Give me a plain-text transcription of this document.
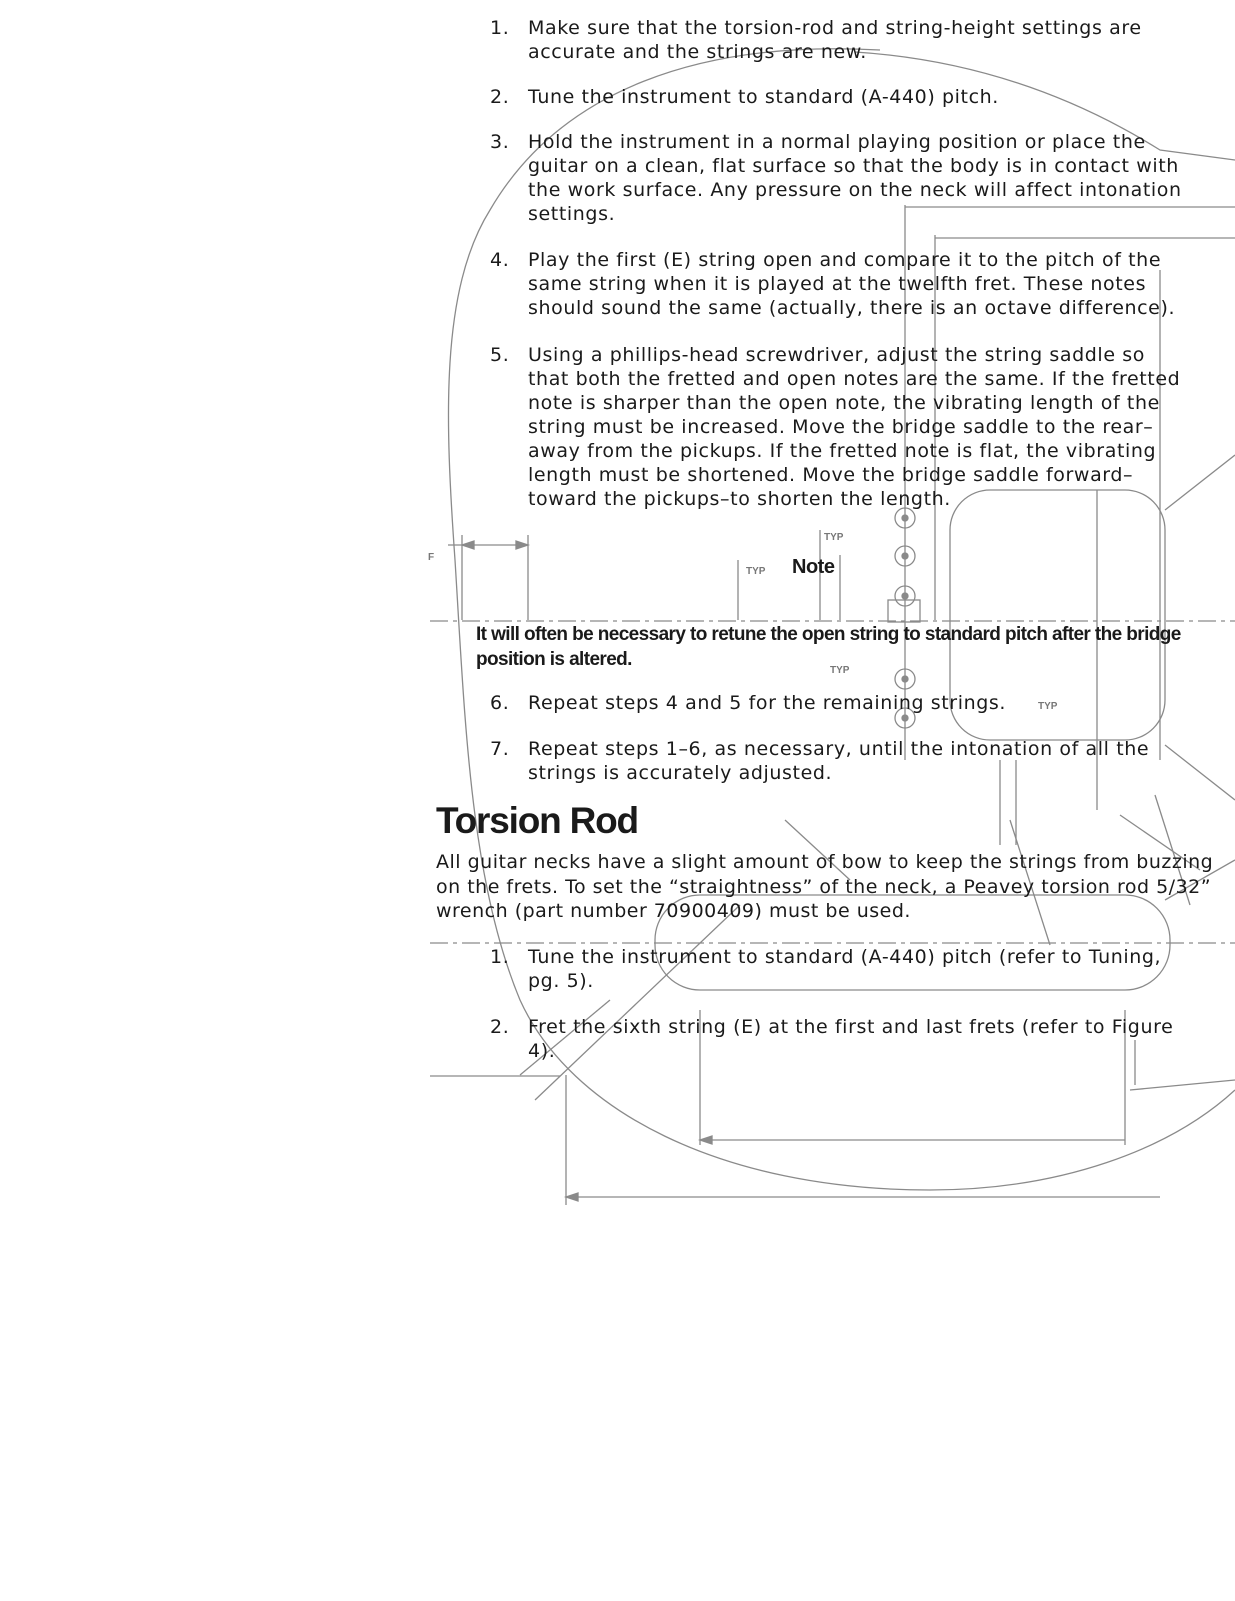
TYP
TYP
TYP
TYP
F
1. Make sure that the torsion-rod and string-height settings are accurate and the strings are new.
2. Tune the instrument to standard (A-440) pitch.
3. Hold the instrument in a normal playing position or place the guitar on a clean, flat surface so that the body is in contact with the work surface. Any pressure on the neck will affect intonation settings.
4. Play the first (E) string open and compare it to the pitch of the same string when it is played at the twelfth fret. These notes should sound the same (actually, there is an octave difference).
5. Using a phillips-head screwdriver, adjust the string saddle so that both the fretted and open notes are the same. If the fretted note is sharper than the open note, the vibrating length of the string must be increased. Move the bridge saddle to the rear–away from the pickups. If the fretted note is flat, the vibrating length must be shortened. Move the bridge saddle forward–toward the pickups–to shorten the length.
Note
It will often be necessary to retune the open string to standard pitch after the bridge position is altered.
6. Repeat steps 4 and 5 for the remaining strings.
7. Repeat steps 1–6, as necessary, until the intonation of all the strings is accurately adjusted.
Torsion Rod
All guitar necks have a slight amount of bow to keep the strings from buzzing on the frets. To set the “straightness” of the neck, a Peavey torsion rod 5/32” wrench (part number 70900409) must be used.
1. Tune the instrument to standard (A-440) pitch (refer to Tuning, pg. 5).
2. Fret the sixth string (E) at the first and last frets (refer to Figure 4).
